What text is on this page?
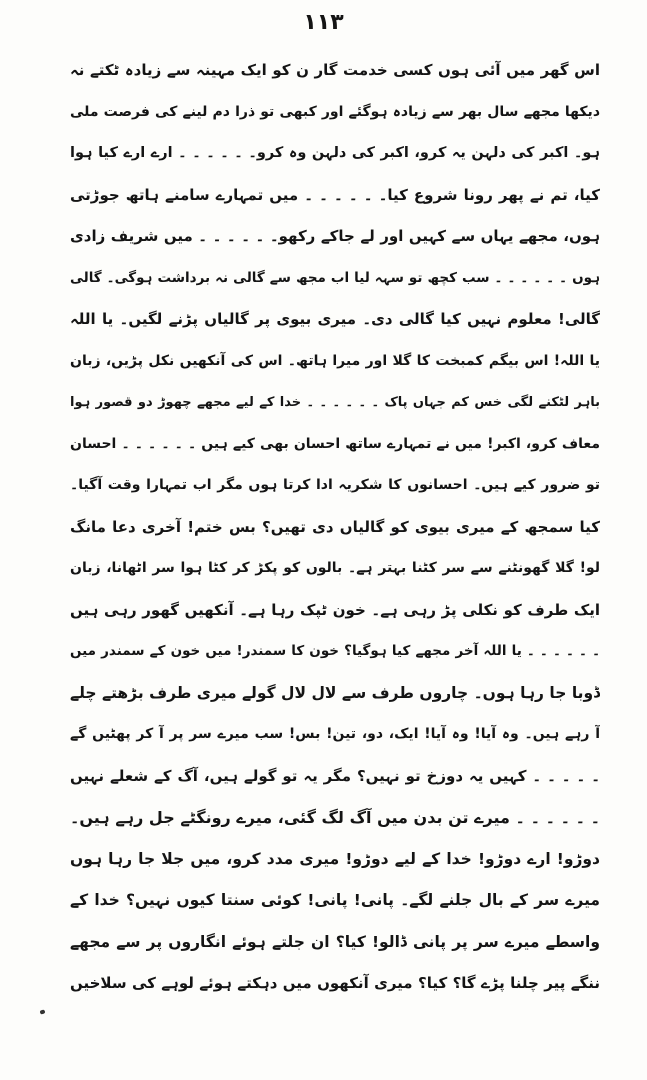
۱۱۳
اس گھر میں آئی ہوں کسی خدمت گار ن کو ایک مہینہ سے زیادہ ٹکتے نہ
دیکھا مجھے سال بھر سے زیادہ ہوگئے اور کبھی تو ذرا دم لینے کی فرصت ملی
ہو۔ اکبر کی دلہن یہ کرو، اکبر کی دلہن وہ کرو۔ ۔ ۔ ۔ ۔ ۔ ارے ارے کیا ہوا
کیا، تم نے پھر رونا شروع کیا۔ ۔ ۔ ۔ ۔ ۔ میں تمہارے سامنے ہاتھ جوڑتی
ہوں، مجھے یہاں سے کہیں اور لے جاکے رکھو۔ ۔ ۔ ۔ ۔ ۔ میں شریف زادی
ہوں ۔ ۔ ۔ ۔ ۔ ۔ سب کچھ تو سہہ لیا اب مجھ سے گالی نہ برداشت ہوگی۔ گالی
گالی! معلوم نہیں کیا گالی دی۔ میری بیوی پر گالیاں پڑنے لگیں۔ یا اللہ
یا اللہ! اس بیگم کمبخت کا گلا اور میرا ہاتھ۔ اس کی آنکھیں نکل پڑیں، زبان
باہر لٹکنے لگی خس کم جہاں پاک ۔ ۔ ۔ ۔ ۔ ۔ خدا کے لیے مجھے چھوڑ دو قصور ہوا
معاف کرو، اکبر! میں نے تمہارے ساتھ احسان بھی کیے ہیں ۔ ۔ ۔ ۔ ۔ ۔ احسان
تو ضرور کیے ہیں۔ احسانوں کا شکریہ ادا کرتا ہوں مگر اب تمہارا وقت آگیا۔
کیا سمجھ کے میری بیوی کو گالیاں دی تھیں؟ بس ختم! آخری دعا مانگ
لو! گلا گھونٹنے سے سر کٹنا بہتر ہے۔ بالوں کو پکڑ کر کٹا ہوا سر اٹھانا، زبان
ایک طرف کو نکلی پڑ رہی ہے۔ خون ٹپک رہا ہے۔ آنکھیں گھور رہی ہیں
۔ ۔ ۔ ۔ ۔ ۔ یا اللہ آخر مجھے کیا ہوگیا؟ خون کا سمندر! میں خون کے سمندر میں
ڈوبا جا رہا ہوں۔ چاروں طرف سے لال لال گولے میری طرف بڑھتے چلے
آ رہے ہیں۔ وہ آیا! وہ آیا! ایک، دو، تین! بس! سب میرے سر پر آ کر پھٹیں گے
۔ ۔ ۔ ۔ ۔ کہیں یہ دوزخ تو نہیں؟ مگر یہ تو گولے ہیں، آگ کے شعلے نہیں
۔ ۔ ۔ ۔ ۔ ۔ میرے تن بدن میں آگ لگ گئی، میرے رونگٹے جل رہے ہیں۔
دوڑو! ارے دوڑو! خدا کے لیے دوڑو! میری مدد کرو، میں جلا جا رہا ہوں
میرے سر کے بال جلنے لگے۔ پانی! پانی! کوئی سنتا کیوں نہیں؟ خدا کے
واسطے میرے سر پر پانی ڈالو! کیا؟ ان جلتے ہوئے انگاروں پر سے مجھے
ننگے پیر چلنا پڑے گا؟ کیا؟ میری آنکھوں میں دہکتے ہوئے لوہے کی سلاخیں
